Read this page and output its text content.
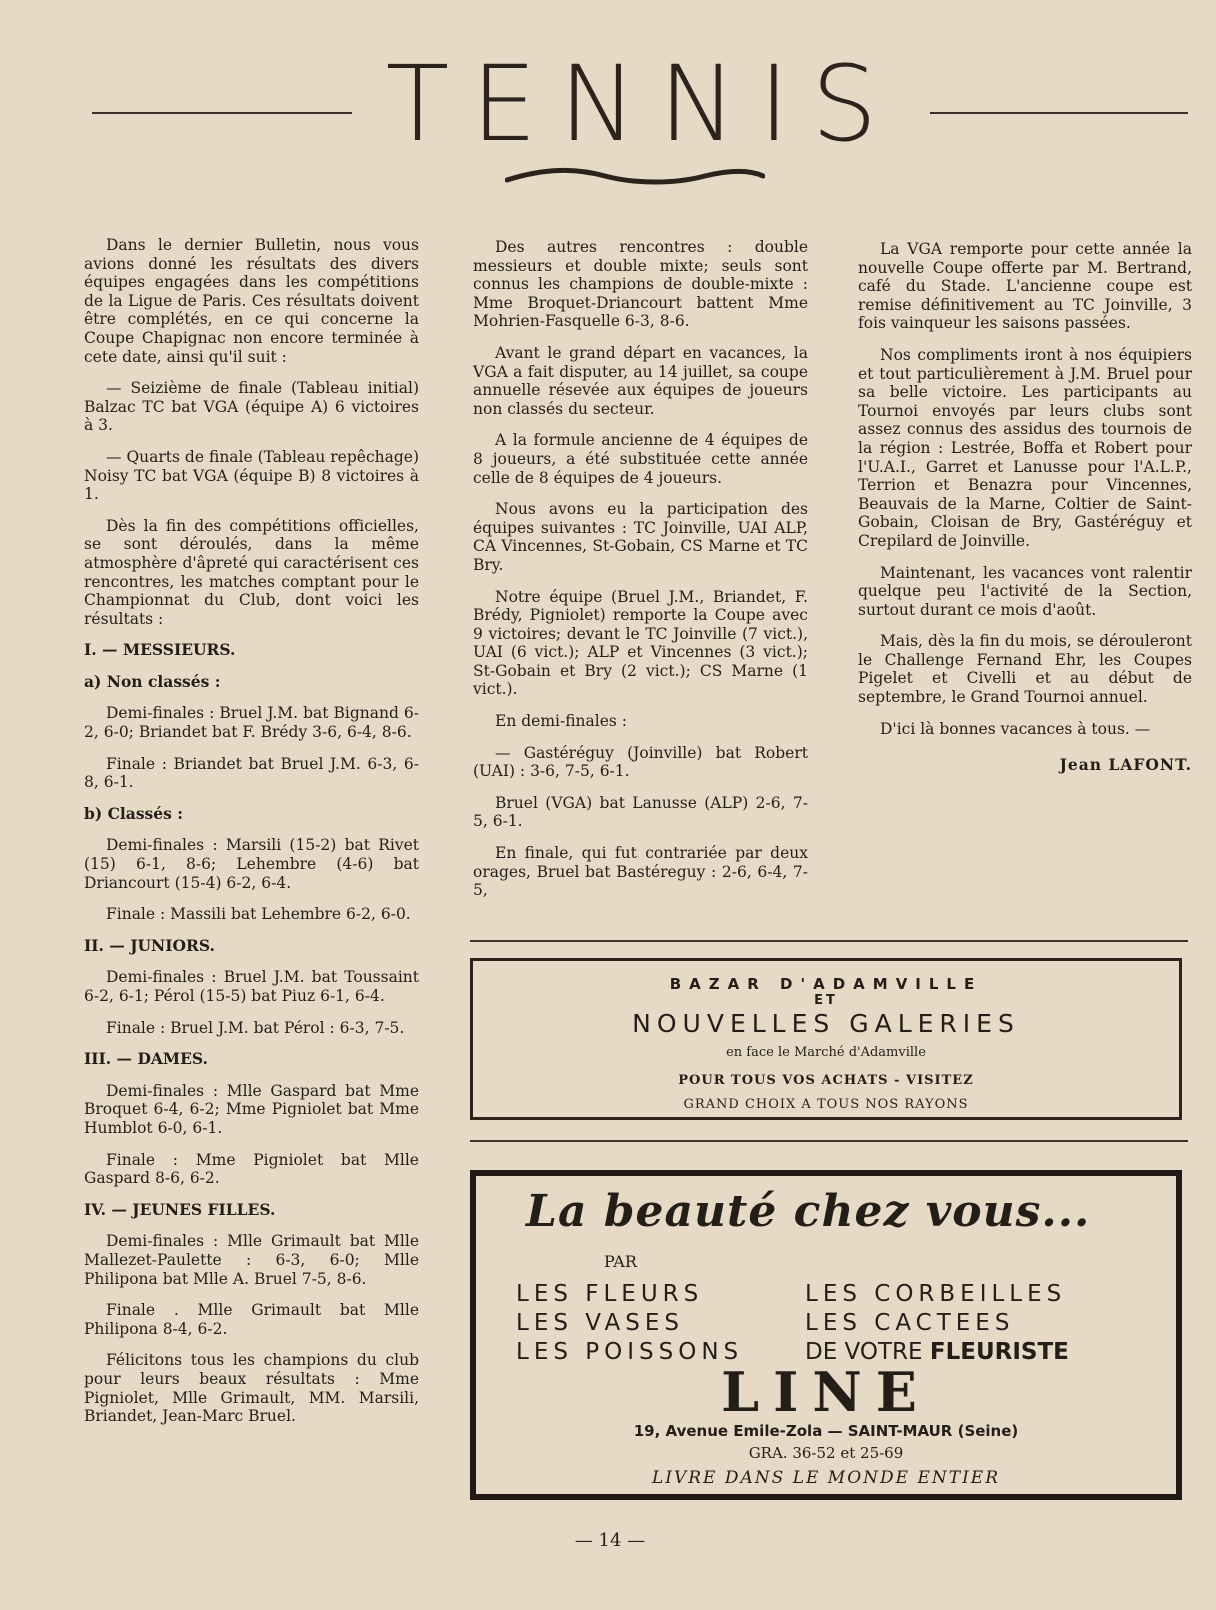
TENNIS

Dans le dernier Bulletin, nous vous avions donné les résultats des divers équipes engagées dans les compétitions de la Ligue de Paris. Ces résultats doivent être complétés, en ce qui concerne la Coupe Chapignac non encore terminée à cete date, ainsi qu'il suit :

— Seizième de finale (Tableau initial) Balzac TC bat VGA (équipe A) 6 victoires à 3.

— Quarts de finale (Tableau repêchage) Noisy TC bat VGA (équipe B) 8 victoires à 1.

Dès la fin des compétitions officielles, se sont déroulés, dans la même atmosphère d'âpreté qui caractérisent ces rencontres, les matches comptant pour le Championnat du Club, dont voici les résultats :

I. — MESSIEURS.

a) Non classés :

Demi-finales : Bruel J.M. bat Bignand 6-2, 6-0; Briandet bat F. Brédy 3-6, 6-4, 8-6.

Finale : Briandet bat Bruel J.M. 6-3, 6-8, 6-1.

b) Classés :

Demi-finales : Marsili (15-2) bat Rivet (15) 6-1, 8-6; Lehembre (4-6) bat Driancourt (15-4) 6-2, 6-4.

Finale : Massili bat Lehembre 6-2, 6-0.

II. — JUNIORS.

Demi-finales : Bruel J.M. bat Toussaint 6-2, 6-1; Pérol (15-5) bat Piuz 6-1, 6-4.

Finale : Bruel J.M. bat Pérol : 6-3, 7-5.

III. — DAMES.

Demi-finales : Mlle Gaspard bat Mme Broquet 6-4, 6-2; Mme Pigniolet bat Mme Humblot 6-0, 6-1.

Finale : Mme Pigniolet bat Mlle Gaspard 8-6, 6-2.

IV. — JEUNES FILLES.

Demi-finales : Mlle Grimault bat Mlle Mallezet-Paulette : 6-3, 6-0; Mlle Philipona bat Mlle A. Bruel 7-5, 8-6.

Finale . Mlle Grimault bat Mlle Philipona 8-4, 6-2.

Félicitons tous les champions du club pour leurs beaux résultats : Mme Pigniolet, Mlle Grimault, MM. Marsili, Briandet, Jean-Marc Bruel.

Des autres rencontres : double messieurs et double mixte; seuls sont connus les champions de double-mixte : Mme Broquet-Driancourt battent Mme Mohrien-Fasquelle 6-3, 8-6.

Avant le grand départ en vacances, la VGA a fait disputer, au 14 juillet, sa coupe annuelle résevée aux équipes de joueurs non classés du secteur.

A la formule ancienne de 4 équipes de 8 joueurs, a été substituée cette année celle de 8 équipes de 4 joueurs.

Nous avons eu la participation des équipes suivantes : TC Joinville, UAI ALP, CA Vincennes, St-Gobain, CS Marne et TC Bry.

Notre équipe (Bruel J.M., Briandet, F. Brédy, Pigniolet) remporte la Coupe avec 9 victoires; devant le TC Joinville (7 vict.), UAI (6 vict.); ALP et Vincennes (3 vict.); St-Gobain et Bry (2 vict.); CS Marne (1 vict.).

En demi-finales :

— Gastéréguy (Joinville) bat Robert (UAI) : 3-6, 7-5, 6-1.

Bruel (VGA) bat Lanusse (ALP) 2-6, 7-5, 6-1.

En finale, qui fut contrariée par deux orages, Bruel bat Bastéreguy : 2-6, 6-4, 7-5,

La VGA remporte pour cette année la nouvelle Coupe offerte par M. Bertrand, café du Stade. L'ancienne coupe est remise définitivement au TC Joinville, 3 fois vainqueur les saisons passées.

Nos compliments iront à nos équipiers et tout particulièrement à J.M. Bruel pour sa belle victoire. Les participants au Tournoi envoyés par leurs clubs sont assez connus des assidus des tournois de la région : Lestrée, Boffa et Robert pour l'U.A.I., Garret et Lanusse pour l'A.L.P., Terrion et Benazra pour Vincennes, Beauvais de la Marne, Coltier de Saint-Gobain, Cloisan de Bry, Gastéréguy et Crepilard de Joinville.

Maintenant, les vacances vont ralentir quelque peu l'activité de la Section, surtout durant ce mois d'août.

Mais, dès la fin du mois, se dérouleront le Challenge Fernand Ehr, les Coupes Pigelet et Civelli et au début de septembre, le Grand Tournoi annuel.

D'ici là bonnes vacances à tous. —

Jean LAFONT.
BAZAR D'ADAMVILLE
ET
NOUVELLES GALERIES
en face le Marché d'Adamville
POUR TOUS VOS ACHATS - VISITEZ
GRAND CHOIX A TOUS NOS RAYONS
La beauté chez vous...
PAR
LES FLEURS
LES VASES
LES POISSONS
LES CORBEILLES
LES CACTEES
DE VOTRE FLEURISTE
LINE
19, Avenue Emile-Zola — SAINT-MAUR (Seine)
GRA. 36-52 et 25-69
LIVRE DANS LE MONDE ENTIER
— 14 —
